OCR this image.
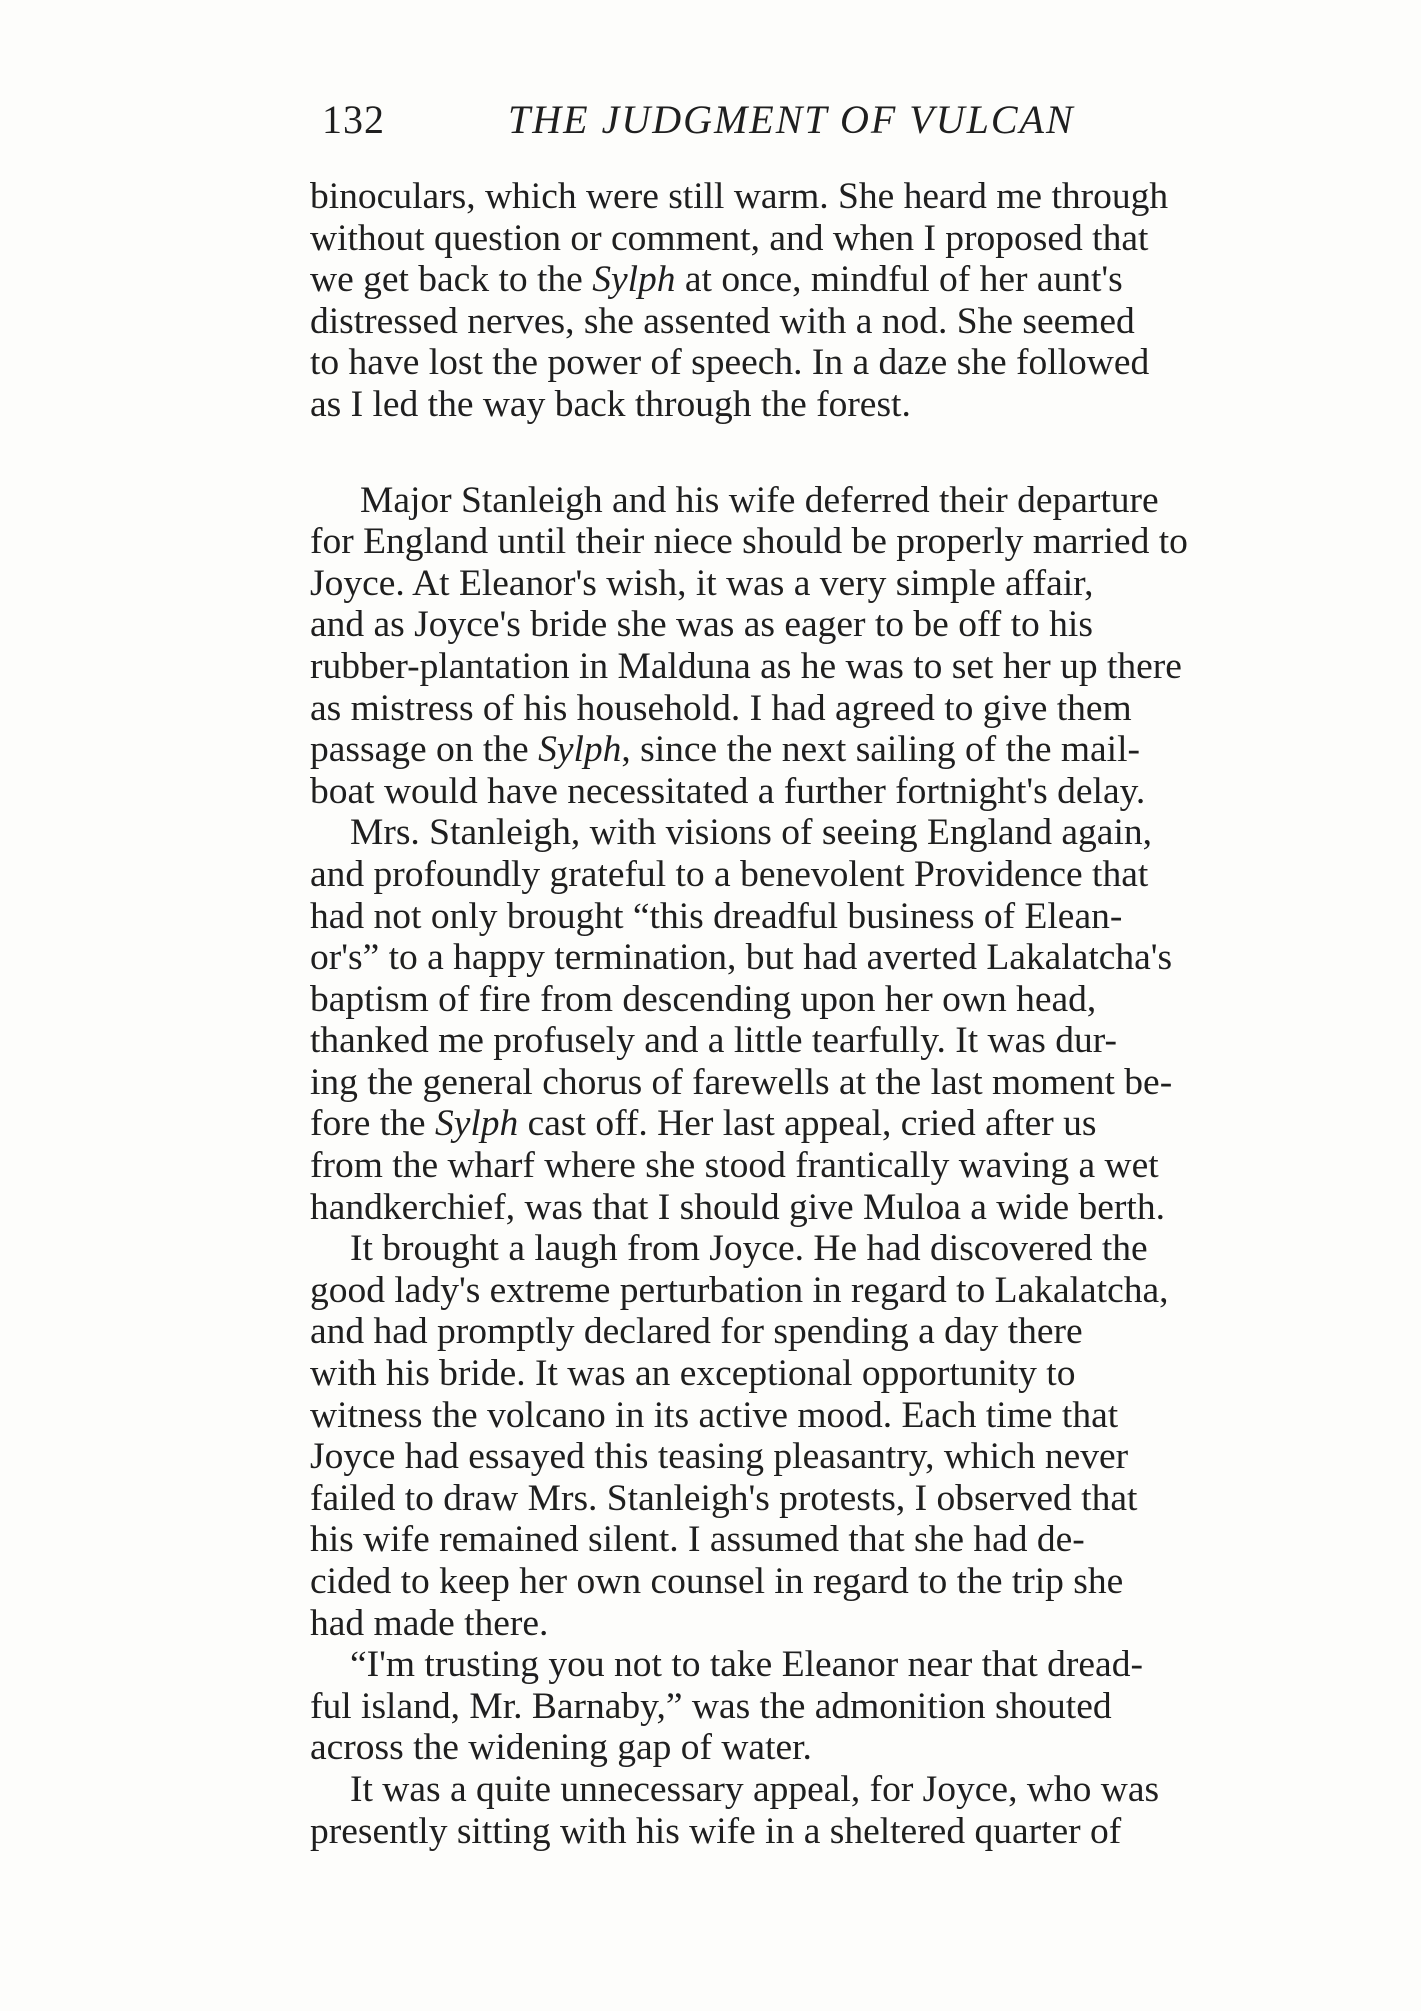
132	THE JUDGMENT OF VULCAN
binoculars, which were still warm. She heard me through
without question or comment, and when I proposed that
we get back to the Sylph at once, mindful of her aunt's
distressed nerves, she assented with a nod. She seemed
to have lost the power of speech. In a daze she followed
as I led the way back through the forest.
Major Stanleigh and his wife deferred their departure
for England until their niece should be properly married to
Joyce. At Eleanor's wish, it was a very simple affair,
and as Joyce's bride she was as eager to be off to his
rubber-plantation in Malduna as he was to set her up there
as mistress of his household. I had agreed to give them
passage on the Sylph, since the next sailing of the mail-
boat would have necessitated a further fortnight's delay.
Mrs. Stanleigh, with visions of seeing England again,
and profoundly grateful to a benevolent Providence that
had not only brought “this dreadful business of Elean-
or's” to a happy termination, but had averted Lakalatcha's
baptism of fire from descending upon her own head,
thanked me profusely and a little tearfully. It was dur-
ing the general chorus of farewells at the last moment be-
fore the Sylph cast off. Her last appeal, cried after us
from the wharf where she stood frantically waving a wet
handkerchief, was that I should give Muloa a wide berth.
It brought a laugh from Joyce. He had discovered the
good lady's extreme perturbation in regard to Lakalatcha,
and had promptly declared for spending a day there
with his bride. It was an exceptional opportunity to
witness the volcano in its active mood. Each time that
Joyce had essayed this teasing pleasantry, which never
failed to draw Mrs. Stanleigh's protests, I observed that
his wife remained silent. I assumed that she had de-
cided to keep her own counsel in regard to the trip she
had made there.
“I'm trusting you not to take Eleanor near that dread-
ful island, Mr. Barnaby,” was the admonition shouted
across the widening gap of water.
It was a quite unnecessary appeal, for Joyce, who was
presently sitting with his wife in a sheltered quarter of
